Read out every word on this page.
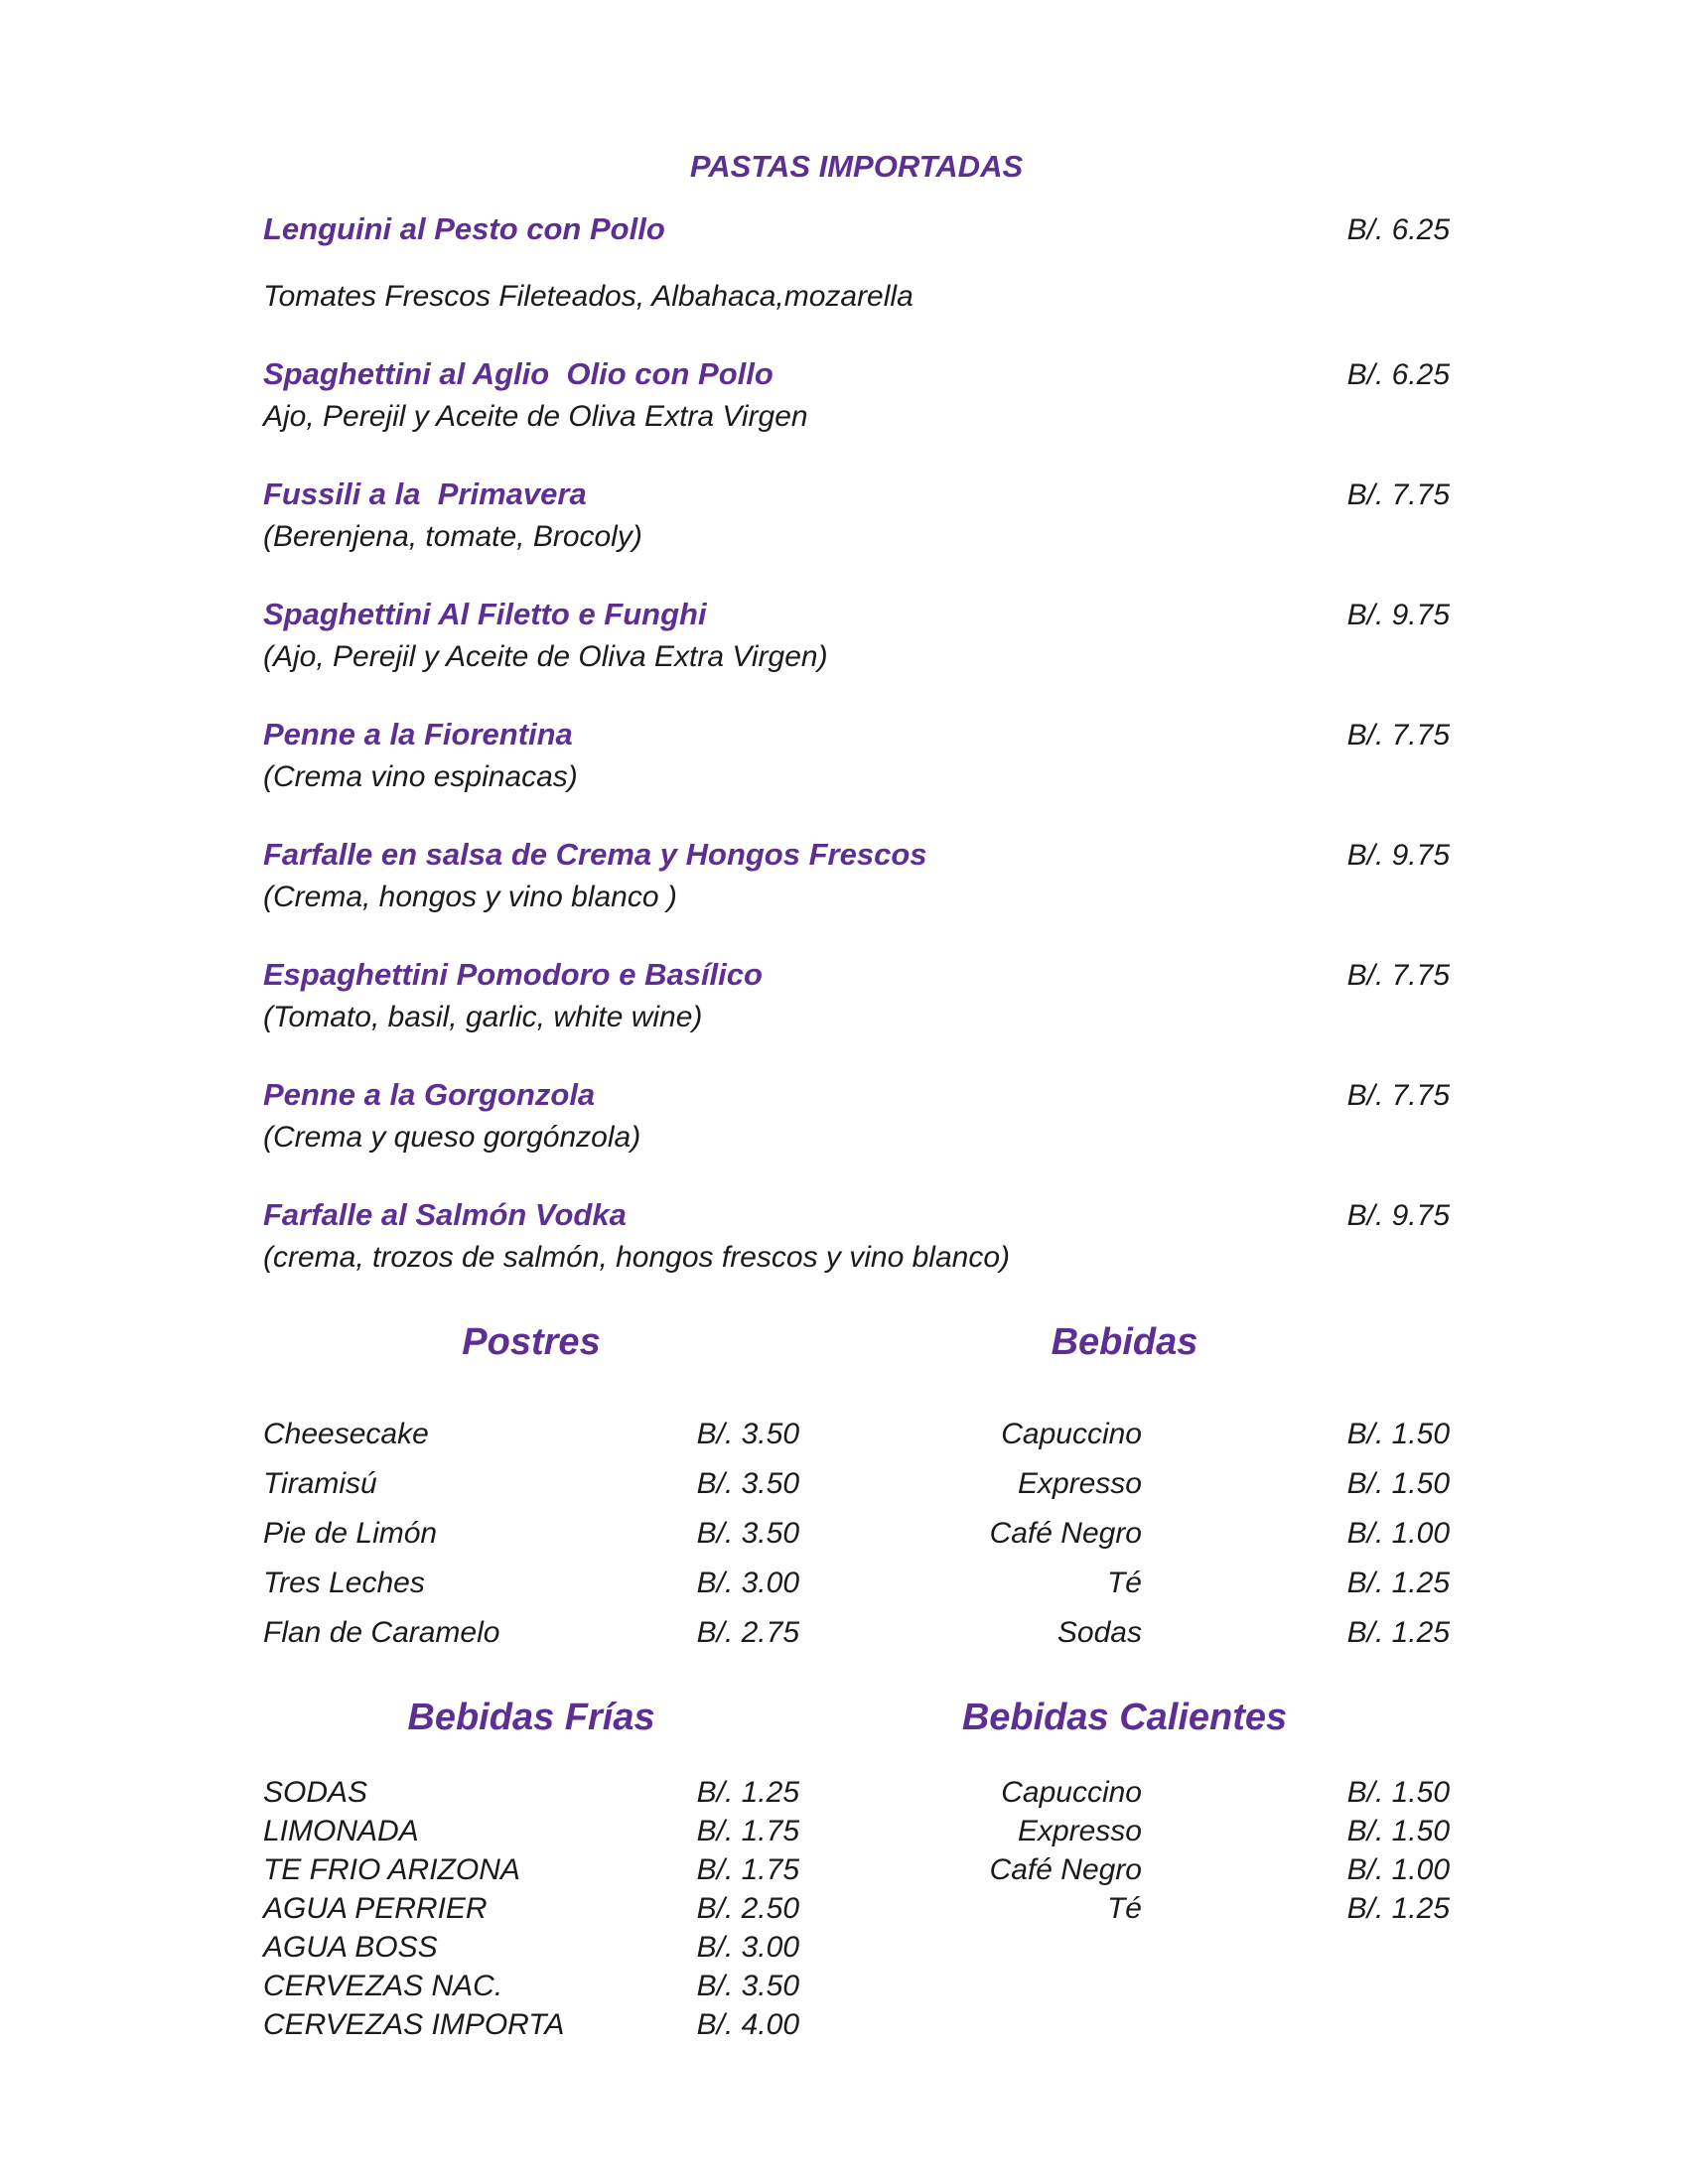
PASTAS IMPORTADAS
Lenguini al Pesto con Pollo	B/. 6.25
Tomates Frescos Fileteados, Albahaca,mozarella
Spaghettini al Aglio  Olio con Pollo	B/. 6.25
Ajo, Perejil y Aceite de Oliva Extra Virgen
Fussili a la  Primavera	B/. 7.75
(Berenjena, tomate, Brocoly)
Spaghettini Al Filetto e Funghi	B/. 9.75
(Ajo, Perejil y Aceite de Oliva Extra Virgen)
Penne a la Fiorentina	B/. 7.75
(Crema vino espinacas)
Farfalle en salsa de Crema y Hongos Frescos	B/. 9.75
(Crema, hongos y vino blanco )
Espaghettini Pomodoro e Basílico	B/. 7.75
(Tomato, basil, garlic, white wine)
Penne a la Gorgonzola	B/. 7.75
(Crema y queso gorgónzola)
Farfalle al Salmón Vodka	B/. 9.75
(crema, trozos de salmón, hongos frescos y vino blanco)
Postres	Bebidas
Cheesecake	B/. 3.50	Capuccino	B/. 1.50
Tiramisú	B/. 3.50	Expresso	B/. 1.50
Pie de Limón	B/. 3.50	Café Negro	B/. 1.00
Tres Leches	B/. 3.00	Té	B/. 1.25
Flan de Caramelo	B/. 2.75	Sodas	B/. 1.25
Bebidas Frías	Bebidas Calientes
SODAS	B/. 1.25	Capuccino	B/. 1.50
LIMONADA	B/. 1.75	Expresso	B/. 1.50
TE FRIO ARIZONA	B/. 1.75	Café Negro	B/. 1.00
AGUA PERRIER	B/. 2.50	Té	B/. 1.25
AGUA BOSS	B/. 3.00
CERVEZAS NAC.	B/. 3.50
CERVEZAS IMPORTA	B/. 4.00
